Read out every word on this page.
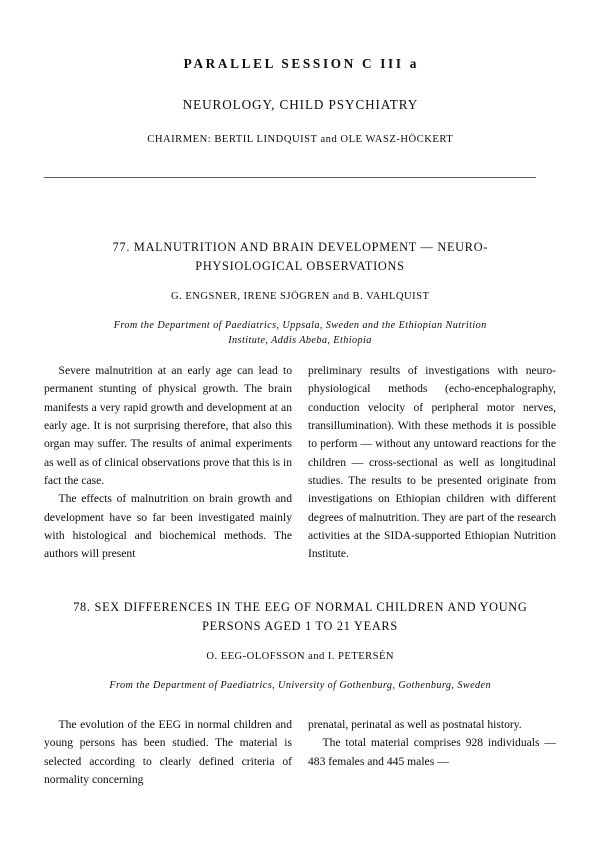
PARALLEL SESSION C III a
NEUROLOGY, CHILD PSYCHIATRY
CHAIRMEN: BERTIL LINDQUIST and OLE WASZ-HÖCKERT
77. MALNUTRITION AND BRAIN DEVELOPMENT — NEURO-PHYSIOLOGICAL OBSERVATIONS
G. ENGSNER, IRENE SJÖGREN and B. VAHLQUIST
From the Department of Paediatrics, Uppsala, Sweden and the Ethiopian Nutrition Institute, Addis Abeba, Ethiopia

Severe malnutrition at an early age can lead to permanent stunting of physical growth. The brain manifests a very rapid growth and development at an early age. It is not surprising therefore, that also this organ may suffer. The results of animal experiments as well as of clinical observations prove that this is in fact the case.

The effects of malnutrition on brain growth and development have so far been investigated mainly with histological and biochemical methods. The authors will present

preliminary results of investigations with neuro-physiological methods (echo-encephalography, conduction velocity of peripheral motor nerves, transillumination). With these methods it is possible to perform — without any untoward reactions for the children — cross-sectional as well as longitudinal studies. The results to be presented originate from investigations on Ethiopian children with different degrees of malnutrition. They are part of the research activities at the SIDA-supported Ethiopian Nutrition Institute.

78. SEX DIFFERENCES IN THE EEG OF NORMAL CHILDREN AND YOUNG PERSONS AGED 1 TO 21 YEARS
O. EEG-OLOFSSON and I. PETERSÉN
From the Department of Paediatrics, University of Gothenburg, Gothenburg, Sweden

The evolution of the EEG in normal children and young persons has been studied. The material is selected according to clearly defined criteria of normality concerning

prenatal, perinatal as well as postnatal history.

The total material comprises 928 individuals — 483 females and 445 males —
